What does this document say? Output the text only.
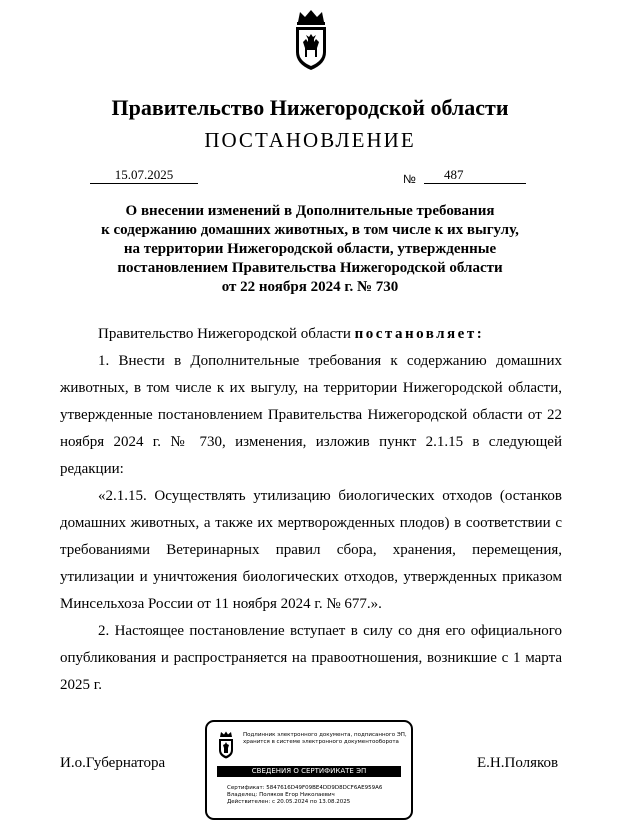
Правительство Нижегородской области
ПОСТАНОВЛЕНИЕ
15.07.2025	№	487
О внесении изменений в Дополнительные требования
к содержанию домашних животных, в том числе к их выгулу,
на территории Нижегородской области, утвержденные
постановлением Правительства Нижегородской области
от 22 ноября 2024 г. № 730

Правительство Нижегородской области постановляет:

1. Внести в Дополнительные требования к содержанию домашних животных, в том числе к их выгулу, на территории Нижегородской области, утвержденные постановлением Правительства Нижегородской области от 22 ноября 2024 г. № 730, изменения, изложив пункт 2.1.15 в следующей редакции:

«2.1.15. Осуществлять утилизацию биологических отходов (останков домашних животных, а также их мертворожденных плодов) в соответствии с требованиями Ветеринарных правил сбора, хранения, перемещения, утилизации и уничтожения биологических отходов, утвержденных приказом Минсельхоза России от 11 ноября 2024 г. № 677.».

2. Настоящее постановление вступает в силу со дня его официального опубликования и распространяется на правоотношения, возникшие с 1 марта 2025 г.

И.о.Губернатора	Е.Н.Поляков
Подлинник электронного документа, подписанного ЭП,
хранится в системе электронного документооборота
СВЕДЕНИЯ О СЕРТИФИКАТЕ ЭП
Сертификат: 5847616D49F09BE4DD9D8DCF6AE959A6
Владелец: Поляков Егор Николаевич
Действителен: с 20.05.2024 по 13.08.2025
